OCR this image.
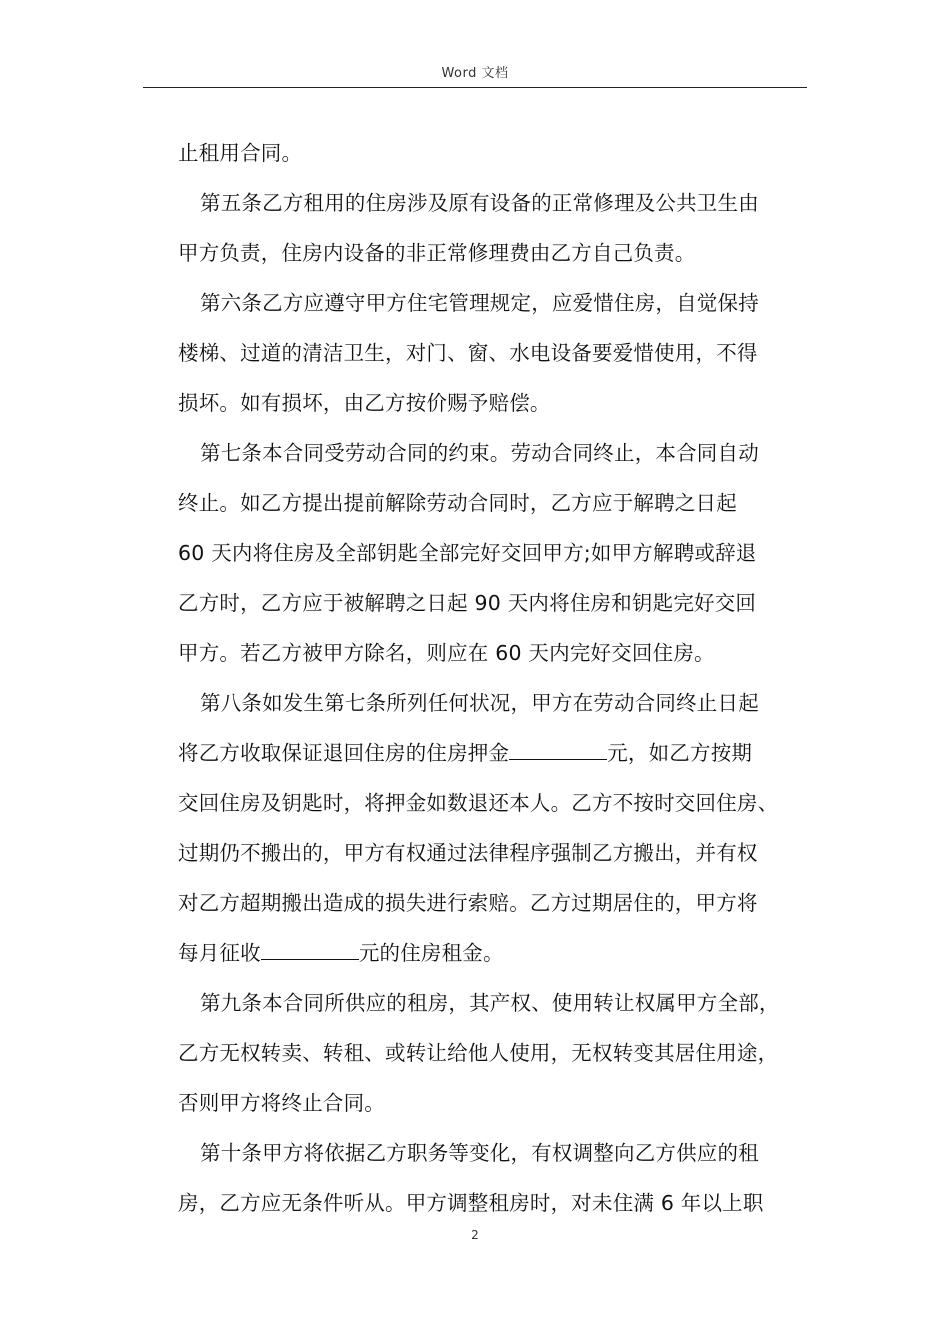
Word 文档
止租用合同。
第五条乙方租用的住房涉及原有设备的正常修理及公共卫生由
甲方负责，住房内设备的非正常修理费由乙方自己负责。
第六条乙方应遵守甲方住宅管理规定，应爱惜住房，自觉保持
楼梯、过道的清洁卫生，对门、窗、水电设备要爱惜使用，不得
损坏。如有损坏，由乙方按价赐予赔偿。
第七条本合同受劳动合同的约束。劳动合同终止，本合同自动
终止。如乙方提出提前解除劳动合同时，乙方应于解聘之日起
60 天内将住房及全部钥匙全部完好交回甲方;如甲方解聘或辞退
乙方时，乙方应于被解聘之日起 90 天内将住房和钥匙完好交回
甲方。若乙方被甲方除名，则应在 60 天内完好交回住房。
第八条如发生第七条所列任何状况，甲方在劳动合同终止日起
将乙方收取保证退回住房的住房押金	元，如乙方按期
交回住房及钥匙时，将押金如数退还本人。乙方不按时交回住房、
过期仍不搬出的，甲方有权通过法律程序强制乙方搬出，并有权
对乙方超期搬出造成的损失进行索赔。乙方过期居住的，甲方将
每月征收	元的住房租金。
第九条本合同所供应的租房，其产权、使用转让权属甲方全部，
乙方无权转卖、转租、或转让给他人使用，无权转变其居住用途，
否则甲方将终止合同。
第十条甲方将依据乙方职务等变化，有权调整向乙方供应的租
房，乙方应无条件听从。甲方调整租房时，对未住满 6 年以上职
2
